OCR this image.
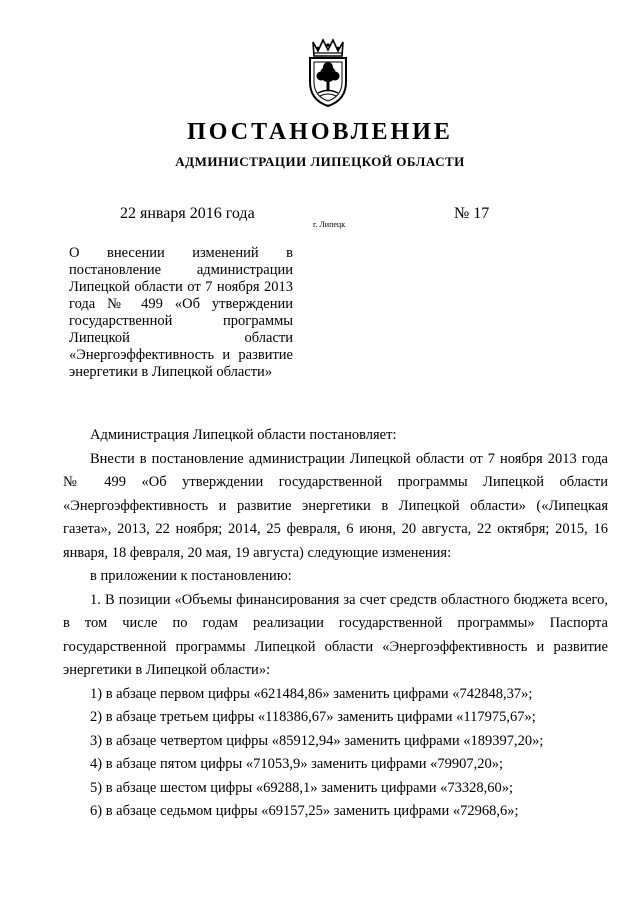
ПОСТАНОВЛЕНИЕ
АДМИНИСТРАЦИИ ЛИПЕЦКОЙ ОБЛАСТИ
22 января 2016 года
г. Липецк
№ 17
О внесении изменений в постановление администрации Липецкой области от 7 ноября 2013 года № 499 «Об утверждении государственной программы Липецкой области «Энергоэффективность и развитие энергетики в Липецкой области»

Администрация Липецкой области постановляет:

Внести в постановление администрации Липецкой области от 7 ноября 2013 года № 499 «Об утверждении государственной программы Липецкой области «Энергоэффективность и развитие энергетики в Липецкой области» («Липецкая газета», 2013, 22 ноября; 2014, 25 февраля, 6 июня, 20 августа, 22 октября; 2015, 16 января, 18 февраля, 20 мая, 19 августа) следующие изменения:

в приложении к постановлению:

1. В позиции «Объемы финансирования за счет средств областного бюджета всего, в том числе по годам реализации государственной программы» Паспорта государственной программы Липецкой области «Энергоэффективность и развитие энергетики в Липецкой области»:

1) в абзаце первом цифры «621484,86» заменить цифрами «742848,37»;

2) в абзаце третьем цифры «118386,67» заменить цифрами «117975,67»;

3) в абзаце четвертом цифры «85912,94» заменить цифрами «189397,20»;

4) в абзаце пятом цифры «71053,9» заменить цифрами «79907,20»;

5) в абзаце шестом цифры «69288,1» заменить цифрами «73328,60»;

6) в абзаце седьмом цифры «69157,25» заменить цифрами «72968,6»;
